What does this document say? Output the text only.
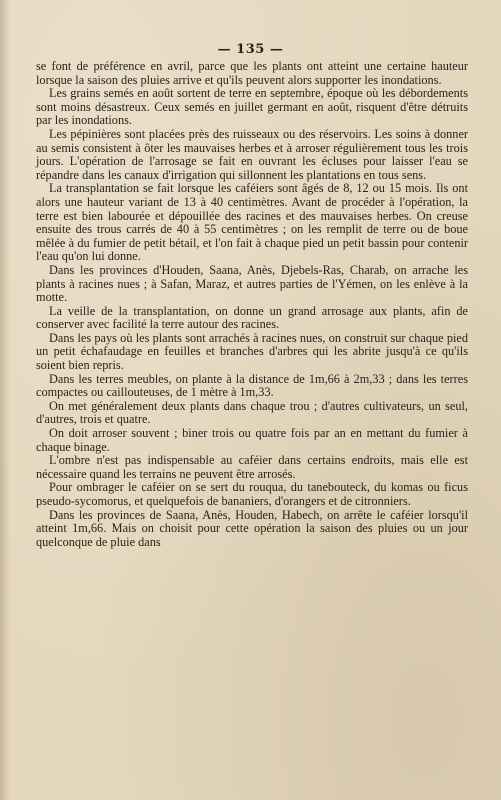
— 135 —

se font de préférence en avril, parce que les plants ont atteint une certaine hauteur lorsque la saison des pluies arrive et qu'ils peuvent alors supporter les inondations.

Les grains semés en août sortent de terre en septembre, époque où les débordements sont moins désastreux. Ceux semés en juillet germant en août, risquent d'être détruits par les inondations.

Les pépinières sont placées près des ruisseaux ou des réservoirs. Les soins à donner au semis consistent à ôter les mauvaises herbes et à arroser régulièrement tous les trois jours. L'opération de l'arrosage se fait en ouvrant les écluses pour laisser l'eau se répandre dans les canaux d'irrigation qui sillonnent les plantations en tous sens.

La transplantation se fait lorsque les caféiers sont âgés de 8, 12 ou 15 mois. Ils ont alors une hauteur variant de 13 à 40 centimètres. Avant de procéder à l'opération, la terre est bien labourée et dépouillée des racines et des mauvaises herbes. On creuse ensuite des trous carrés de 40 à 55 centimètres ; on les remplit de terre ou de boue mêlée à du fumier de petit bétail, et l'on fait à chaque pied un petit bassin pour contenir l'eau qu'on lui donne.

Dans les provinces d'Houden, Saana, Anès, Djebels-Ras, Charab, on arrache les plants à racines nues ; à Safan, Maraz, et autres parties de l'Yémen, on les enlève à la motte.

La veille de la transplantation, on donne un grand arrosage aux plants, afin de conserver avec facilité la terre autour des racines.

Dans les pays où les plants sont arrachés à racines nues, on construit sur chaque pied un petit échafaudage en feuilles et branches d'arbres qui les abrite jusqu'à ce qu'ils soient bien repris.

Dans les terres meubles, on plante à la distance de 1m,66 à 2m,33 ; dans les terres compactes ou caillouteuses, de 1 mètre à 1m,33.

On met généralement deux plants dans chaque trou ; d'autres cultivateurs, un seul, d'autres, trois et quatre.

On doit arroser souvent ; biner trois ou quatre fois par an en mettant du fumier à chaque binage.

L'ombre n'est pas indispensable au caféier dans certains endroits, mais elle est nécessaire quand les terrains ne peuvent être arrosés.

Pour ombrager le caféier on se sert du rouqua, du tanebouteck, du komas ou ficus pseudo-sycomorus, et quelquefois de bananiers, d'orangers et de citronniers.

Dans les provinces de Saana, Anès, Houden, Habech, on arrête le caféier lorsqu'il atteint 1m,66. Mais on choisit pour cette opération la saison des pluies ou un jour quelconque de pluie dans
